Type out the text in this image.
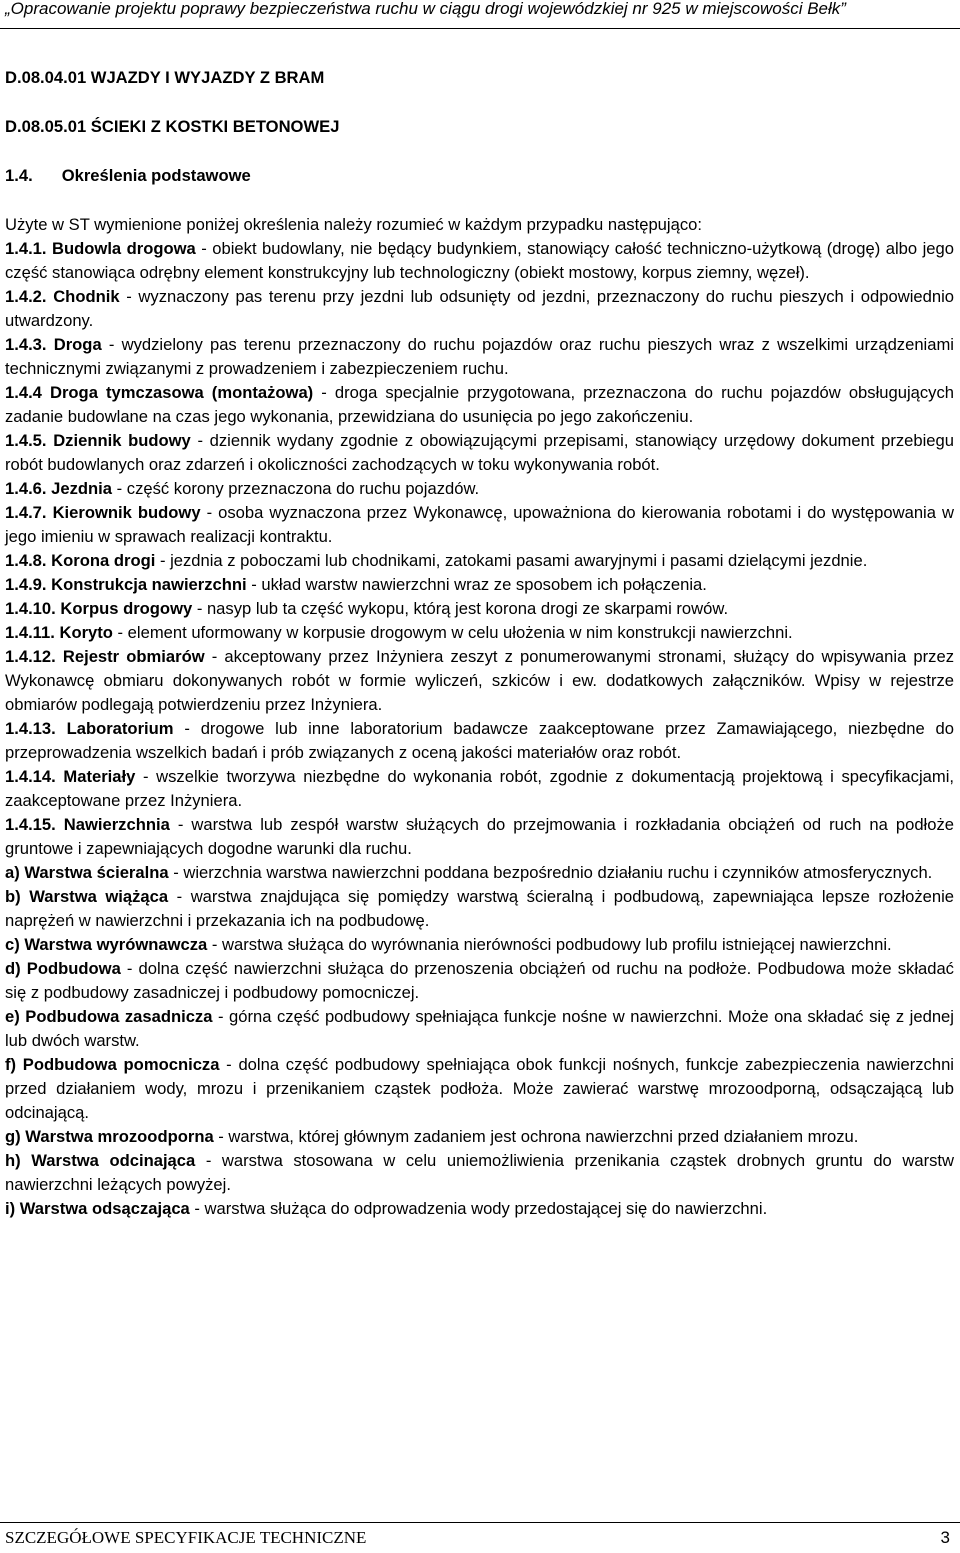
„Opracowanie projektu poprawy bezpieczeństwa ruchu w ciągu drogi wojewódzkiej nr 925 w miejscowości Bełk”

D.08.04.01 WJAZDY I WYJAZDY Z BRAM

D.08.05.01 ŚCIEKI Z KOSTKI BETONOWEJ

1.4. Określenia podstawowe

Użyte w ST wymienione poniżej określenia należy rozumieć w każdym przypadku następująco:

1.4.1. Budowla drogowa - obiekt budowlany, nie będący budynkiem, stanowiący całość techniczno-użytkową (drogę) albo jego część stanowiąca odrębny element konstrukcyjny lub technologiczny (obiekt mostowy, korpus ziemny, węzeł).

1.4.2. Chodnik - wyznaczony pas terenu przy jezdni lub odsunięty od jezdni, przeznaczony do ruchu pieszych i odpowiednio utwardzony.

1.4.3. Droga - wydzielony pas terenu przeznaczony do ruchu pojazdów oraz ruchu pieszych wraz z wszelkimi urządzeniami technicznymi związanymi z prowadzeniem i zabezpieczeniem ruchu.

1.4.4 Droga tymczasowa (montażowa) - droga specjalnie przygotowana, przeznaczona do ruchu pojazdów obsługujących zadanie budowlane na czas jego wykonania, przewidziana do usunięcia po jego zakończeniu.

1.4.5. Dziennik budowy - dziennik wydany zgodnie z obowiązującymi przepisami, stanowiący urzędowy dokument przebiegu robót budowlanych oraz zdarzeń i okoliczności zachodzących w toku wykonywania robót.

1.4.6. Jezdnia - część korony przeznaczona do ruchu pojazdów.

1.4.7. Kierownik budowy - osoba wyznaczona przez Wykonawcę, upoważniona do kierowania robotami i do występowania w jego imieniu w sprawach realizacji kontraktu.

1.4.8. Korona drogi - jezdnia z poboczami lub chodnikami, zatokami pasami awaryjnymi i pasami dzielącymi jezdnie.

1.4.9. Konstrukcja nawierzchni - układ warstw nawierzchni wraz ze sposobem ich połączenia.

1.4.10. Korpus drogowy - nasyp lub ta część wykopu, którą jest korona drogi ze skarpami rowów.

1.4.11. Koryto - element uformowany w korpusie drogowym w celu ułożenia w nim konstrukcji nawierzchni.

1.4.12. Rejestr obmiarów - akceptowany przez Inżyniera zeszyt z ponumerowanymi stronami, służący do wpisywania przez Wykonawcę obmiaru dokonywanych robót w formie wyliczeń, szkiców i ew. dodatkowych załączników. Wpisy w rejestrze obmiarów podlegają potwierdzeniu przez Inżyniera.

1.4.13. Laboratorium - drogowe lub inne laboratorium badawcze zaakceptowane przez Zamawiającego, niezbędne do przeprowadzenia wszelkich badań i prób związanych z oceną jakości materiałów oraz robót.

1.4.14. Materiały - wszelkie tworzywa niezbędne do wykonania robót, zgodnie z dokumentacją projektową i specyfikacjami, zaakceptowane przez Inżyniera.

1.4.15. Nawierzchnia - warstwa lub zespół warstw służących do przejmowania i rozkładania obciążeń od ruch na podłoże gruntowe i zapewniających dogodne warunki dla ruchu.

a) Warstwa ścieralna - wierzchnia warstwa nawierzchni poddana bezpośrednio działaniu ruchu i czynników atmosferycznych.

b) Warstwa wiążąca - warstwa znajdująca się pomiędzy warstwą ścieralną i podbudową, zapewniająca lepsze rozłożenie naprężeń w nawierzchni i przekazania ich na podbudowę.

c) Warstwa wyrównawcza - warstwa służąca do wyrównania nierówności podbudowy lub profilu istniejącej nawierzchni.

d) Podbudowa - dolna część nawierzchni służąca do przenoszenia obciążeń od ruchu na podłoże. Podbudowa może składać się z podbudowy zasadniczej i podbudowy pomocniczej.

e) Podbudowa zasadnicza - górna część podbudowy spełniająca funkcje nośne w nawierzchni. Może ona składać się z jednej lub dwóch warstw.

f) Podbudowa pomocnicza - dolna część podbudowy spełniająca obok funkcji nośnych, funkcje zabezpieczenia nawierzchni przed działaniem wody, mrozu i przenikaniem cząstek podłoża. Może zawierać warstwę mrozoodporną, odsączającą lub odcinającą.

g) Warstwa mrozoodporna - warstwa, której głównym zadaniem jest ochrona nawierzchni przed działaniem mrozu.

h) Warstwa odcinająca - warstwa stosowana w celu uniemożliwienia przenikania cząstek drobnych gruntu do warstw nawierzchni leżących powyżej.

i) Warstwa odsączająca - warstwa służąca do odprowadzenia wody przedostającej się do nawierzchni.

SZCZEGÓŁOWE SPECYFIKACJE TECHNICZNE	3
